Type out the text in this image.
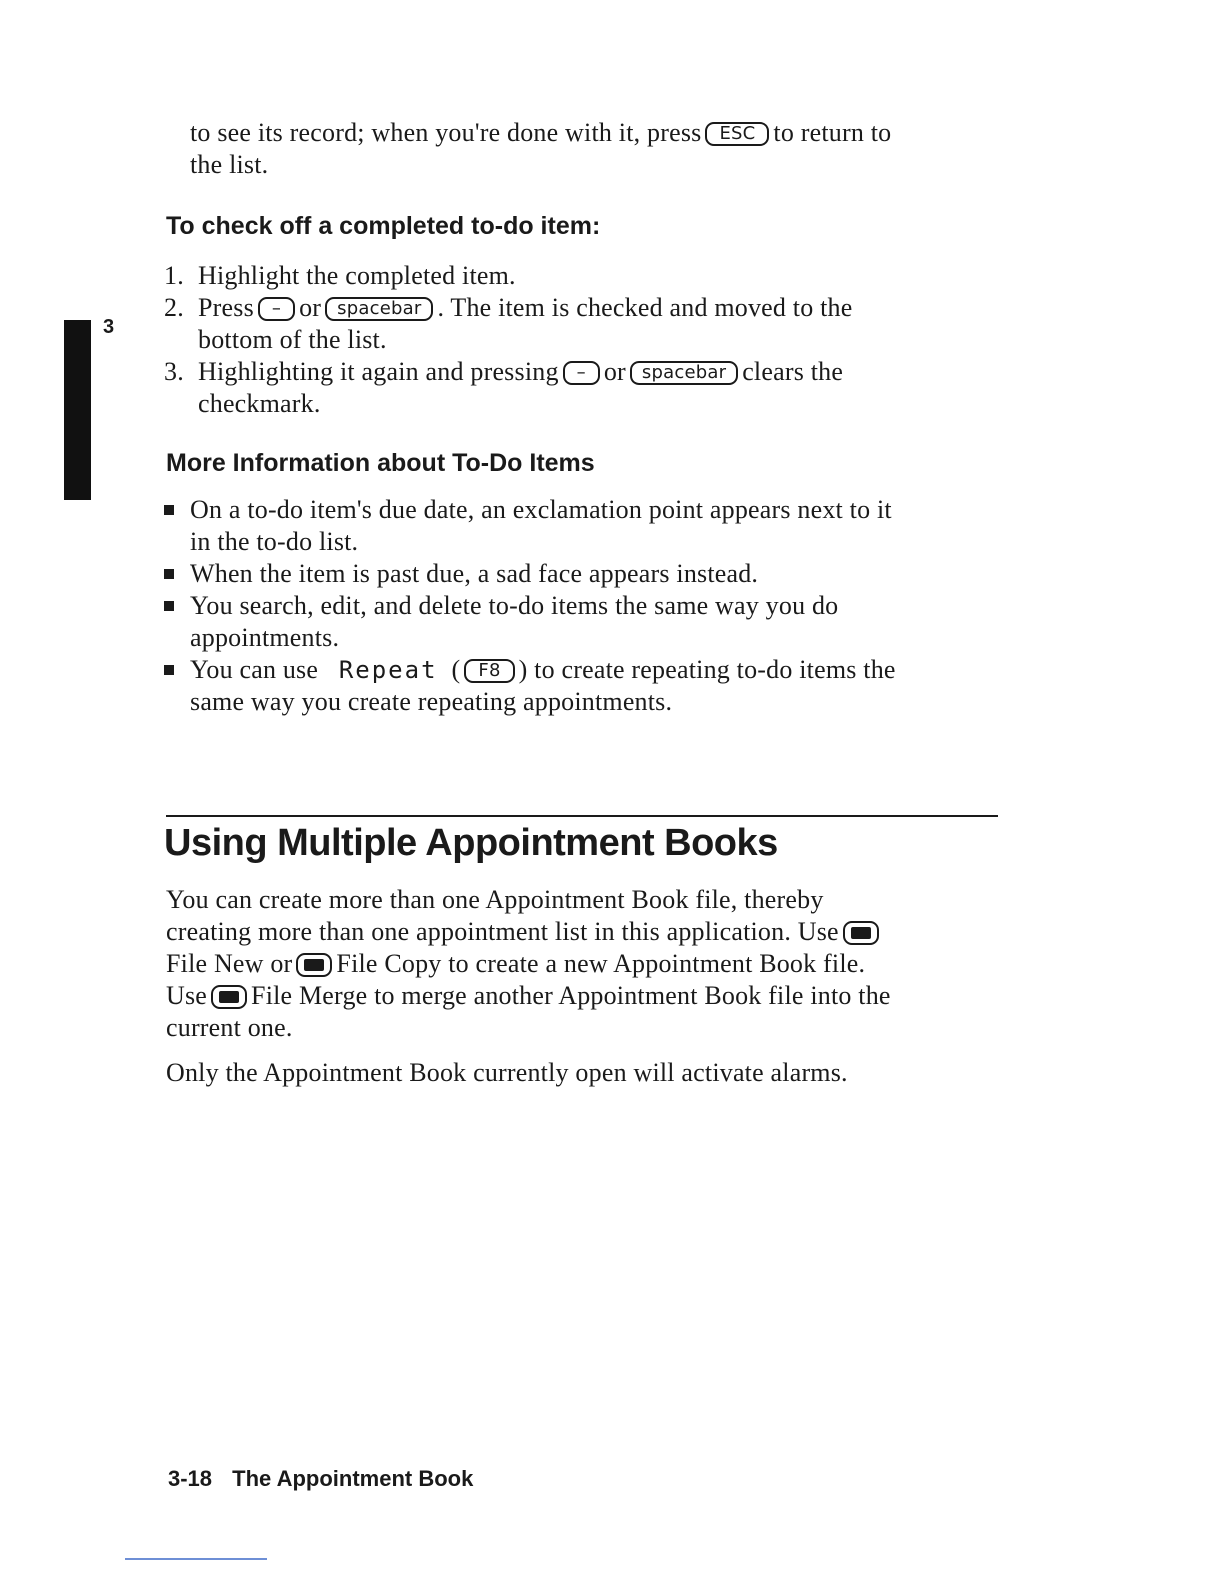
3
to see its record; when you're done with it, press ESC to return to
the list.
To check off a completed to-do item:
1. Highlight the completed item.
2. Press – or spacebar . The item is checked and moved to the
bottom of the list.
3. Highlighting it again and pressing – or spacebar clears the
checkmark.
More Information about To-Do Items
On a to-do item's due date, an exclamation point appears next to it
in the to-do list.
When the item is past due, a sad face appears instead.
You search, edit, and delete to-do items the same way you do
appointments.
You can use Repeat ( F8 ) to create repeating to-do items the
same way you create repeating appointments.
Using Multiple Appointment Books
You can create more than one Appointment Book file, thereby
creating more than one appointment list in this application. Use
File New or File Copy to create a new Appointment Book file.
Use File Merge to merge another Appointment Book file into the
current one.
Only the Appointment Book currently open will activate alarms.
3-18 The Appointment Book
